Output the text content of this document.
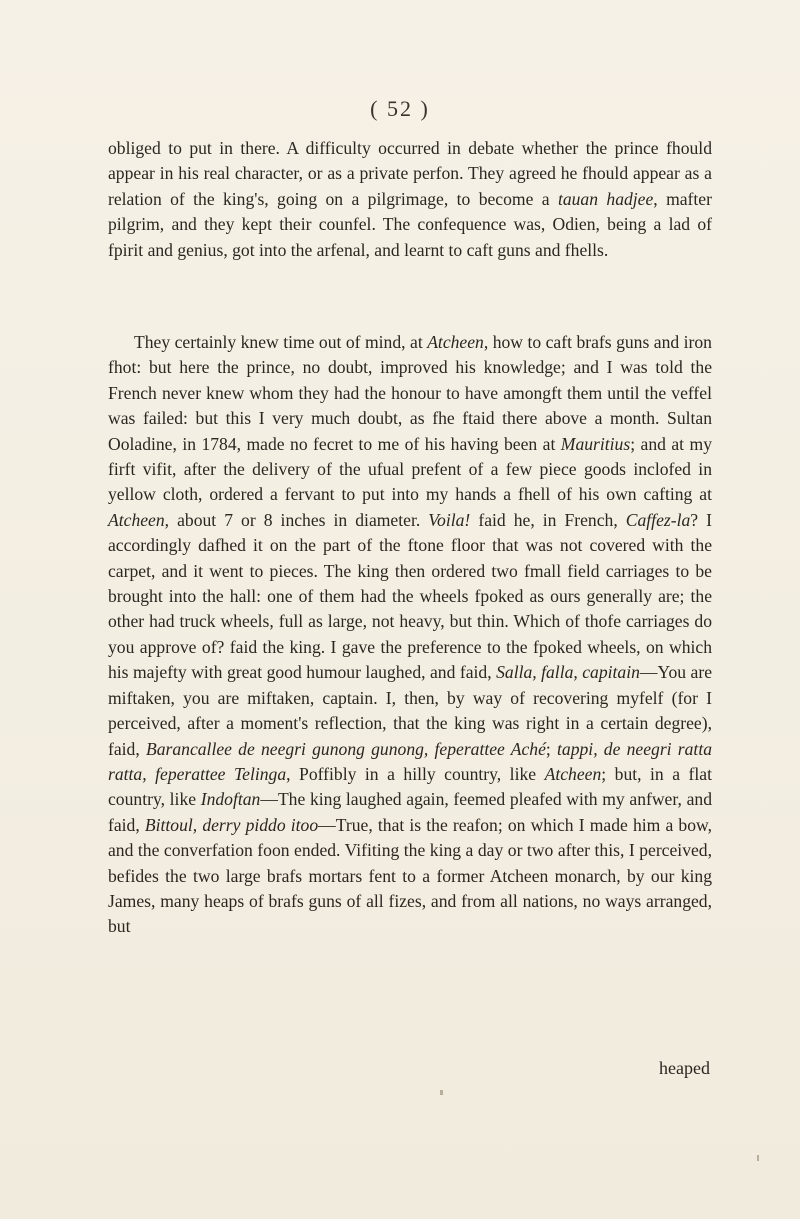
( 52 )

obliged to put in there. A difficulty occurred in debate whether the prince fhould appear in his real character, or as a private perfon. They agreed he fhould appear as a relation of the king's, going on a pilgrimage, to become a tauan hadjee, mafter pilgrim, and they kept their counfel. The confequence was, Odien, being a lad of fpirit and genius, got into the arfenal, and learnt to caft guns and fhells.

They certainly knew time out of mind, at Atcheen, how to caft brafs guns and iron fhot: but here the prince, no doubt, improved his knowledge; and I was told the French never knew whom they had the honour to have amongft them until the veffel was failed: but this I very much doubt, as fhe ftaid there above a month. Sultan Ooladine, in 1784, made no fecret to me of his having been at Mauritius; and at my firft vifit, after the delivery of the ufual prefent of a few piece goods inclofed in yellow cloth, ordered a fervant to put into my hands a fhell of his own cafting at Atcheen, about 7 or 8 inches in diameter. Voila! faid he, in French, Caffez-la? I accordingly dafhed it on the part of the ftone floor that was not covered with the carpet, and it went to pieces. The king then ordered two fmall field carriages to be brought into the hall: one of them had the wheels fpoked as ours generally are; the other had truck wheels, full as large, not heavy, but thin. Which of thofe carriages do you approve of? faid the king. I gave the preference to the fpoked wheels, on which his majefty with great good humour laughed, and faid, Salla, falla, capitain—You are miftaken, you are miftaken, captain. I, then, by way of recovering myfelf (for I perceived, after a moment's reflection, that the king was right in a certain degree), faid, Barancallee de neegri gunong gunong, feperattee Aché; tappi, de neegri ratta ratta, feperattee Telinga, Poffibly in a hilly country, like Atcheen; but, in a flat country, like Indoftan—The king laughed again, feemed pleafed with my anfwer, and faid, Bittoul, derry piddo itoo—True, that is the reafon; on which I made him a bow, and the converfation foon ended. Vifiting the king a day or two after this, I perceived, befides the two large brafs mortars fent to a former Atcheen monarch, by our king James, many heaps of brafs guns of all fizes, and from all nations, no ways arranged, but

heaped
